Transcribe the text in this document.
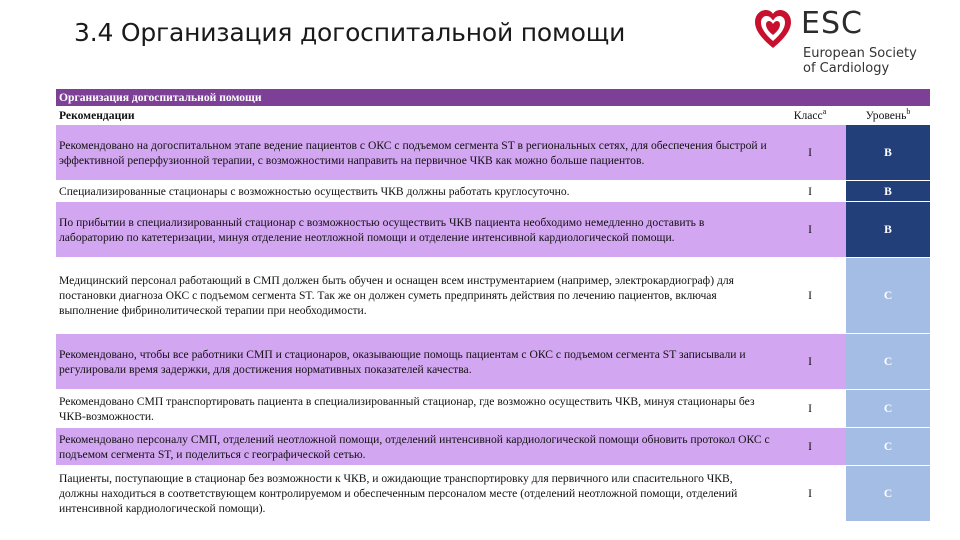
3.4 Организация догоспитальной помощи	ESC
European Society
of Cardiology
Организация догоспитальной помощи		
Рекомендации	Класс$^a$	Уровень$^b$
Рекомендовано на догоспитальном этапе ведение пациентов с ОКС с подъемом сегмента ST в региональных сетях, для обеспечения быстрой и эффективной реперфузионной терапии, с возможностими направить на первичное ЧКВ как можно больше пациентов.	I	B
Специализированные стационары с возможностью осуществить ЧКВ должны работать круглосуточно.	I	B
По прибытии в специализированный стационар с возможностью осуществить ЧКВ пациента необходимо немедленно доставить в лабораторию по катетеризации, минуя отделение неотложной помощи и отделение интенсивной кардиологической помощи.	I	B
Медицинский персонал работающий в СМП должен быть обучен и оснащен всем инструментарием (например, электрокардиограф) для постановки диагноза ОКС с подъемом сегмента ST. Так же он должен суметь предпринять действия по лечению пациентов, включая выполнение фибринолитической терапии при необходимости.	I	C
Рекомендовано, чтобы все работники СМП и стационаров, оказывающие помощь пациентам с ОКС с подъемом сегмента ST записывали и регулировали время задержки, для достижения нормативных показателей качества.	I	C
Рекомендовано СМП транспортировать пациента в специализированный стационар, где возможно осуществить ЧКВ, минуя стационары без ЧКВ-возможности.	I	C
Рекомендовано персоналу СМП, отделений неотложной помощи, отделений интенсивной кардиологической помощи обновить протокол ОКС с подъемом сегмента ST, и поделиться с географической сетью.	I	C
Пациенты, поступающие в стационар без возможности к ЧКВ, и ожидающие транспортировку для первичного или спасительного ЧКВ, должны находиться в соответствующем контролируемом и обеспеченным персоналом месте (отделений неотложной помощи, отделений интенсивной кардиологической помощи).	I	C
